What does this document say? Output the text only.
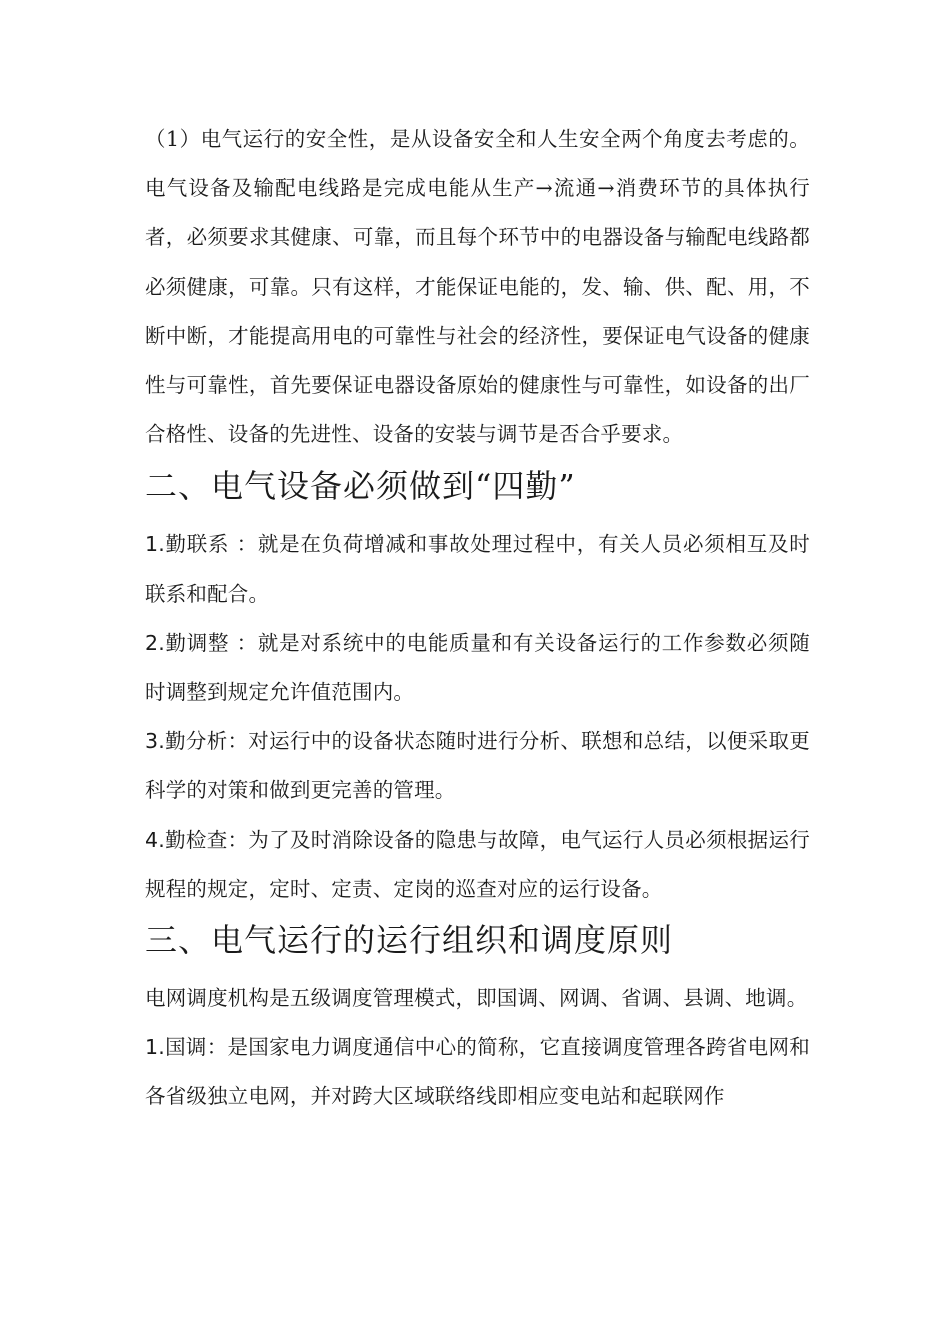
（1）电气运行的安全性，是从设备安全和人生安全两个角度去考虑的。电气设备及输配电线路是完成电能从生产→流通→消费环节的具体执行者，必须要求其健康、可靠，而且每个环节中的电器设备与输配电线路都必须健康，可靠。只有这样，才能保证电能的，发、输、供、配、用，不断中断，才能提高用电的可靠性与社会的经济性，要保证电气设备的健康性与可靠性，首先要保证电器设备原始的健康性与可靠性，如设备的出厂合格性、设备的先进性、设备的安装与调节是否合乎要求。

二、电气设备必须做到“四勤”

1.勤联系 ：就是在负荷增减和事故处理过程中，有关人员必须相互及时联系和配合。

2.勤调整 ：就是对系统中的电能质量和有关设备运行的工作参数必须随时调整到规定允许值范围内。

3.勤分析：对运行中的设备状态随时进行分析、联想和总结，以便采取更科学的对策和做到更完善的管理。

4.勤检查：为了及时消除设备的隐患与故障，电气运行人员必须根据运行规程的规定，定时、定责、定岗的巡查对应的运行设备。

三、电气运行的运行组织和调度原则

电网调度机构是五级调度管理模式，即国调、网调、省调、县调、地调。

1.国调：是国家电力调度通信中心的简称，它直接调度管理各跨省电网和各省级独立电网，并对跨大区域联络线即相应变电站和起联网作
